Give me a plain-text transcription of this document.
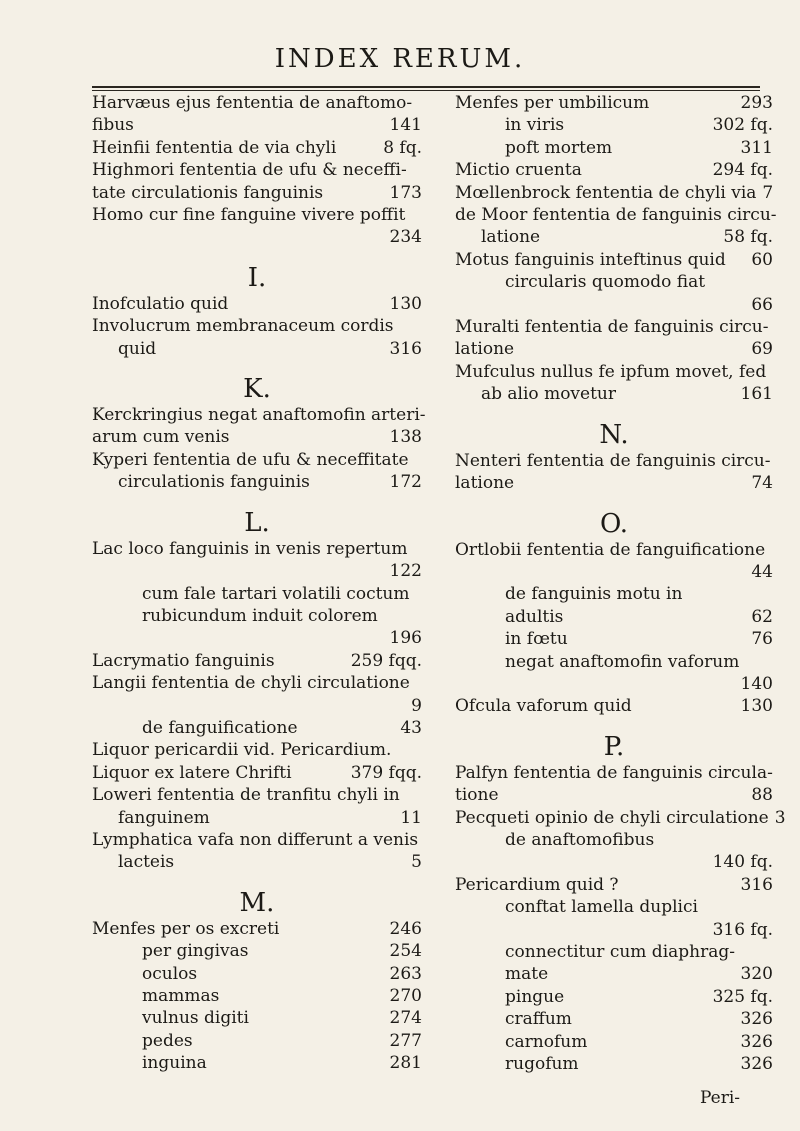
INDEX RERUM.
Harvæus ejus fententia de anaftomo-
fibus	141
Heinfii fententia de via chyli	8 fq.
Highmori fententia de ufu & neceffi-
tate circulationis fanguinis	173
Homo cur fine fanguine vivere poffit
234
I.
Inofculatio quid	130
Involucrum membranaceum cordis
quid	316
K.
Kerckringius negat anaftomofin arteri-
arum cum venis	138
Kyperi fententia de ufu & neceffitate
circulationis fanguinis	172
L.
Lac loco fanguinis in venis repertum
122
cum fale tartari volatili coctum
rubicundum induit colorem
196
Lacrymatio fanguinis	259 fqq.
Langii fententia de chyli circulatione
9
de fanguificatione	43
Liquor pericardii vid. Pericardium.
Liquor ex latere Chrifti	379 fqq.
Loweri fententia de tranfitu chyli in
fanguinem	11
Lymphatica vafa non differunt a venis
lacteis	5
M.
Menfes per os excreti	246
per gingivas	254
oculos	263
mammas	270
vulnus digiti	274
pedes	277
inguina	281
Menfes per umbilicum	293
in viris	302 fq.
poft mortem	311
Mictio cruenta	294 fq.
Mœllenbrock fententia de chyli via 7
de Moor fententia de fanguinis circu-
latione	58 fq.
Motus fanguinis inteftinus quid 60
circularis quomodo fiat
66
Muralti fententia de fanguinis circu-
latione	69
Mufculus nullus fe ipfum movet, fed
ab alio movetur	161
N.
Nenteri fententia de fanguinis circu-
latione	74
O.
Ortlobii fententia de fanguificatione
44
de fanguinis motu in
adultis	62
in fœtu	76
negat anaftomofin vaforum
140
Ofcula vaforum quid	130
P.
Palfyn fententia de fanguinis circula-
tione	88
Pecqueti opinio de chyli circulatione 3
de anaftomofibus
140 fq.
Pericardium quid ?	316
conftat lamella duplici
316 fq.
connectitur cum diaphrag-
mate	320
pingue	325 fq.
craffum	326
carnofum	326
rugofum	326
Peri-
